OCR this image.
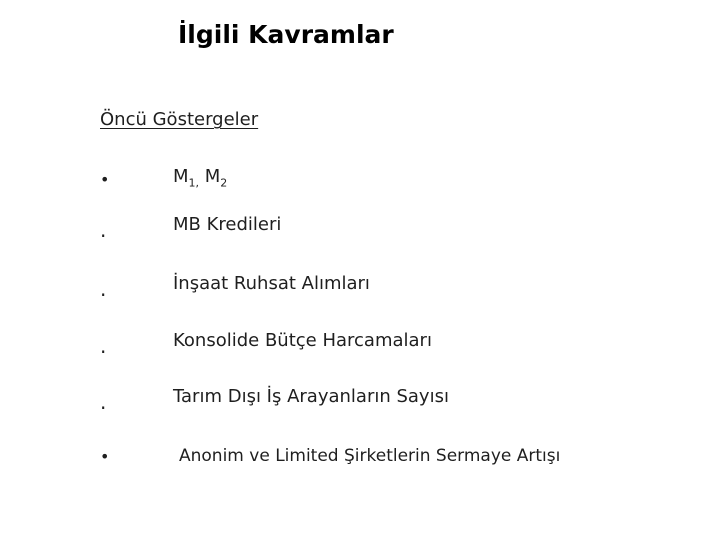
İlgili Kavramlar
Öncü Göstergeler
•	$M_{1,}$ $M_2$
.	MB Kredileri
.	İnşaat Ruhsat Alımları
.	Konsolide Bütçe Harcamaları
.	Tarım Dışı İş Arayanların Sayısı
•	Anonim ve Limited Şirketlerin Sermaye Artışı
